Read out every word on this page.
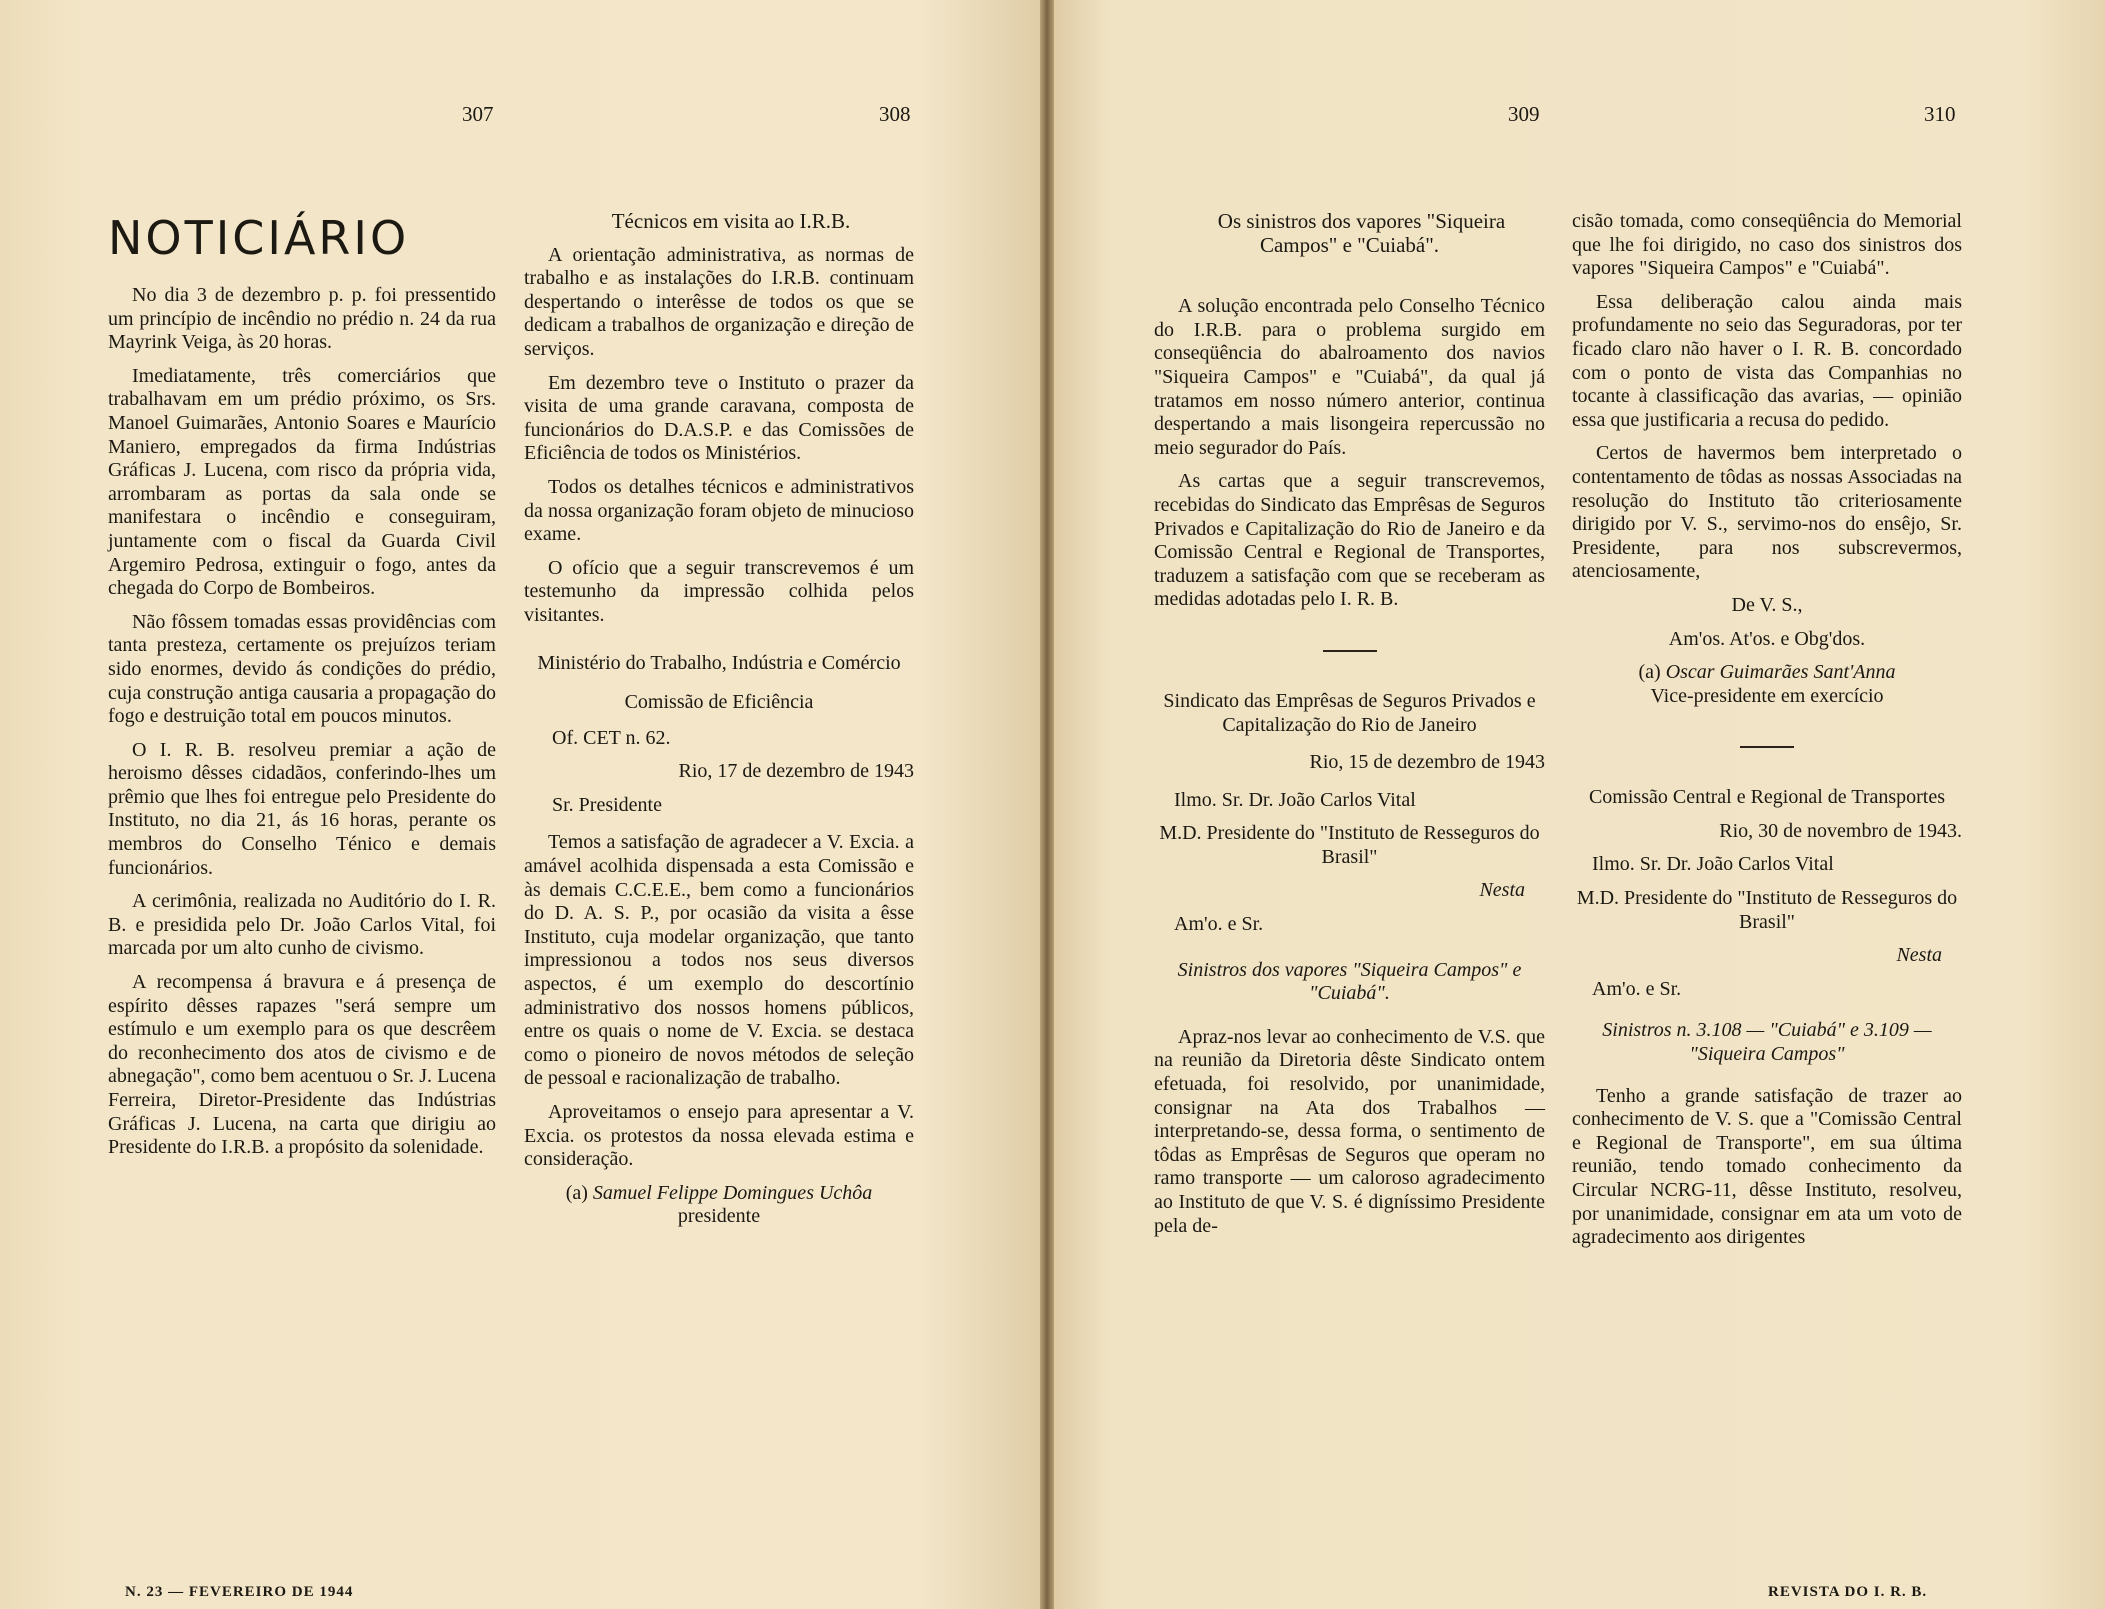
307	308	309	310
NOTICIÁRIO

No dia 3 de dezembro p. p. foi pressentido um princípio de incêndio no prédio n. 24 da rua Mayrink Veiga, às 20 horas.

Imediatamente, três comerciários que trabalhavam em um prédio próximo, os Srs. Manoel Guimarães, Antonio Soares e Maurício Maniero, empregados da firma Indústrias Gráficas J. Lucena, com risco da própria vida, arrombaram as portas da sala onde se manifestara o incêndio e conseguiram, juntamente com o fiscal da Guarda Civil Argemiro Pedrosa, extinguir o fogo, antes da chegada do Corpo de Bombeiros.

Não fôssem tomadas essas providências com tanta presteza, certamente os prejuízos teriam sido enormes, devido ás condições do prédio, cuja construção antiga causaria a propagação do fogo e destruição total em poucos minutos.

O I. R. B. resolveu premiar a ação de heroismo dêsses cidadãos, conferindo-lhes um prêmio que lhes foi entregue pelo Presidente do Instituto, no dia 21, ás 16 horas, perante os membros do Conselho Ténico e demais funcionários.

A cerimônia, realizada no Auditório do I. R. B. e presidida pelo Dr. João Carlos Vital, foi marcada por um alto cunho de civismo.

A recompensa á bravura e á presença de espírito dêsses rapazes "será sempre um estímulo e um exemplo para os que descrêem do reconhecimento dos atos de civismo e de abnegação", como bem acentuou o Sr. J. Lucena Ferreira, Diretor-Presidente das Indústrias Gráficas J. Lucena, na carta que dirigiu ao Presidente do I.R.B. a propósito da solenidade.

Técnicos em visita ao I.R.B.

A orientação administrativa, as normas de trabalho e as instalações do I.R.B. continuam despertando o interêsse de todos os que se dedicam a trabalhos de organização e direção de serviços.

Em dezembro teve o Instituto o prazer da visita de uma grande caravana, composta de funcionários do D.A.S.P. e das Comissões de Eficiência de todos os Ministérios.

Todos os detalhes técnicos e administrativos da nossa organização foram objeto de minucioso exame.

O ofício que a seguir transcrevemos é um testemunho da impressão colhida pelos visitantes.

Ministério do Trabalho, Indústria e Comércio

Comissão de Eficiência

Of. CET n. 62.

Rio, 17 de dezembro de 1943

Sr. Presidente

Temos a satisfação de agradecer a V. Excia. a amável acolhida dispensada a esta Comissão e às demais C.C.E.E., bem como a funcionários do D. A. S. P., por ocasião da visita a êsse Instituto, cuja modelar organização, que tanto impressionou a todos nos seus diversos aspectos, é um exemplo do descortínio administrativo dos nossos homens públicos, entre os quais o nome de V. Excia. se destaca como o pioneiro de novos métodos de seleção de pessoal e racionalização de trabalho.

Aproveitamos o ensejo para apresentar a V. Excia. os protestos da nossa elevada estima e consideração.

(a) Samuel Felippe Domingues Uchôa
presidente

Os sinistros dos vapores "Siqueira Campos" e "Cuiabá".

A solução encontrada pelo Conselho Técnico do I.R.B. para o problema surgido em conseqüência do abalroamento dos navios "Siqueira Campos" e "Cuiabá", da qual já tratamos em nosso número anterior, continua despertando a mais lisongeira repercussão no meio segurador do País.

As cartas que a seguir transcrevemos, recebidas do Sindicato das Emprêsas de Seguros Privados e Capitalização do Rio de Janeiro e da Comissão Central e Regional de Transportes, traduzem a satisfação com que se receberam as medidas adotadas pelo I. R. B.

Sindicato das Emprêsas de Seguros Privados e Capitalização do Rio de Janeiro

Rio, 15 de dezembro de 1943

Ilmo. Sr. Dr. João Carlos Vital

M.D. Presidente do "Instituto de Resseguros do Brasil"

Nesta

Am'o. e Sr.

Sinistros dos vapores "Siqueira Campos" e "Cuiabá".

Apraz-nos levar ao conhecimento de V.S. que na reunião da Diretoria dêste Sindicato ontem efetuada, foi resolvido, por unanimidade, consignar na Ata dos Trabalhos — interpretando-se, dessa forma, o sentimento de tôdas as Emprêsas de Seguros que operam no ramo transporte — um caloroso agradecimento ao Instituto de que V. S. é digníssimo Presidente pela de-

cisão tomada, como conseqüência do Memorial que lhe foi dirigido, no caso dos sinistros dos vapores "Siqueira Campos" e "Cuiabá".

Essa deliberação calou ainda mais profundamente no seio das Seguradoras, por ter ficado claro não haver o I. R. B. concordado com o ponto de vista das Companhias no tocante à classificação das avarias, — opinião essa que justificaria a recusa do pedido.

Certos de havermos bem interpretado o contentamento de tôdas as nossas Associadas na resolução do Instituto tão criteriosamente dirigido por V. S., servimo-nos do ensêjo, Sr. Presidente, para nos subscrevermos, atenciosamente,

De V. S.,

Am'os. At'os. e Obg'dos.

(a) Oscar Guimarães Sant'Anna
Vice-presidente em exercício

Comissão Central e Regional de Transportes

Rio, 30 de novembro de 1943.

Ilmo. Sr. Dr. João Carlos Vital

M.D. Presidente do "Instituto de Resseguros do Brasil"

Nesta

Am'o. e Sr.

Sinistros n. 3.108 — "Cuiabá" e 3.109 — "Siqueira Campos"

Tenho a grande satisfação de trazer ao conhecimento de V. S. que a "Comissão Central e Regional de Transporte", em sua última reunião, tendo tomado conhecimento da Circular NCRG-11, dêsse Instituto, resolveu, por unanimidade, consignar em ata um voto de agradecimento aos dirigentes

N. 23 — FEVEREIRO DE 1944	REVISTA DO I. R. B.
